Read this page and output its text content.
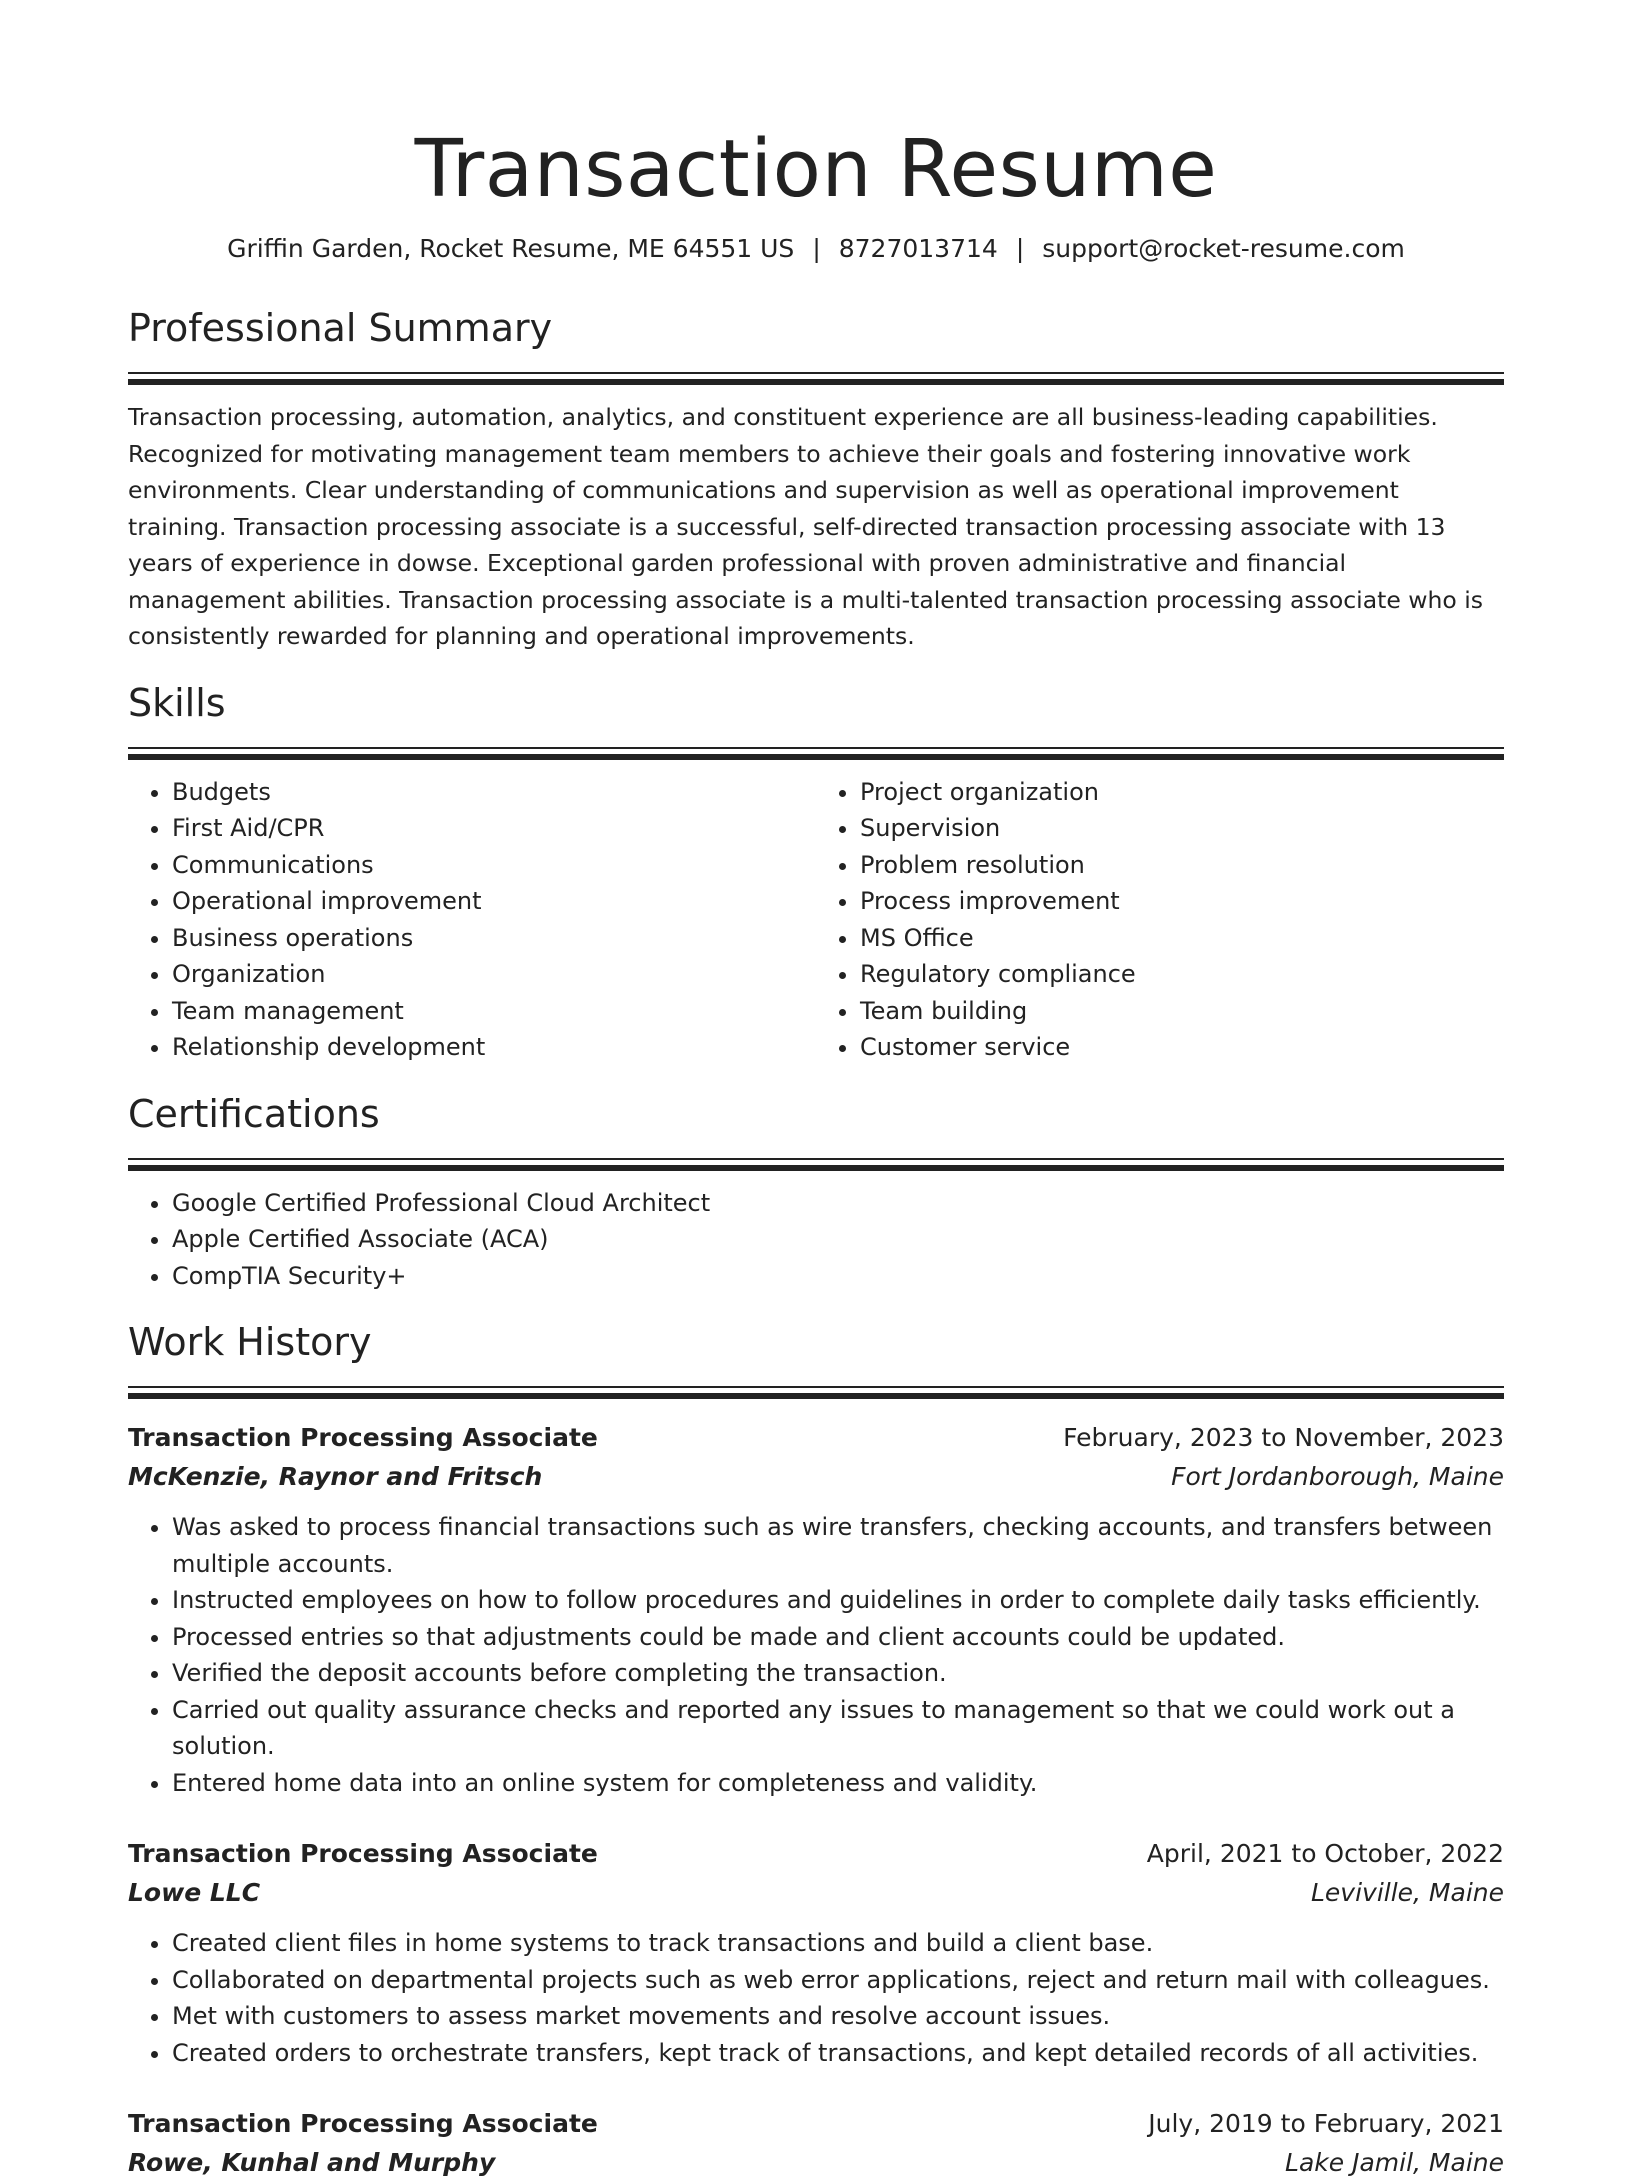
Transaction Resume
Griffin Garden, Rocket Resume, ME 64551 US | 8727013714 | support@rocket-resume.com
Professional Summary

Transaction processing, automation, analytics, and constituent experience are all business-leading capabilities. Recognized for motivating management team members to achieve their goals and fostering innovative work environments. Clear understanding of communications and supervision as well as operational improvement training. Transaction processing associate is a successful, self-directed transaction processing associate with 13 years of experience in dowse. Exceptional garden professional with proven administrative and financial management abilities. Transaction processing associate is a multi-talented transaction processing associate who is consistently rewarded for planning and operational improvements.

Skills
• Budgets
• First Aid/CPR
• Communications
• Operational improvement
• Business operations
• Organization
• Team management
• Relationship development
• Project organization
• Supervision
• Problem resolution
• Process improvement
• MS Office
• Regulatory compliance
• Team building
• Customer service
Certifications
• Google Certified Professional Cloud Architect
• Apple Certified Associate (ACA)
• CompTIA Security+
Work History
Transaction Processing Associate	February, 2023 to November, 2023
McKenzie, Raynor and Fritsch	Fort Jordanborough, Maine
• Was asked to process financial transactions such as wire transfers, checking accounts, and transfers between multiple accounts.
• Instructed employees on how to follow procedures and guidelines in order to complete daily tasks efficiently.
• Processed entries so that adjustments could be made and client accounts could be updated.
• Verified the deposit accounts before completing the transaction.
• Carried out quality assurance checks and reported any issues to management so that we could work out a solution.
• Entered home data into an online system for completeness and validity.
Transaction Processing Associate	April, 2021 to October, 2022
Lowe LLC	Leviville, Maine
• Created client files in home systems to track transactions and build a client base.
• Collaborated on departmental projects such as web error applications, reject and return mail with colleagues.
• Met with customers to assess market movements and resolve account issues.
• Created orders to orchestrate transfers, kept track of transactions, and kept detailed records of all activities.
Transaction Processing Associate	July, 2019 to February, 2021
Rowe, Kunhal and Murphy	Lake Jamil, Maine
